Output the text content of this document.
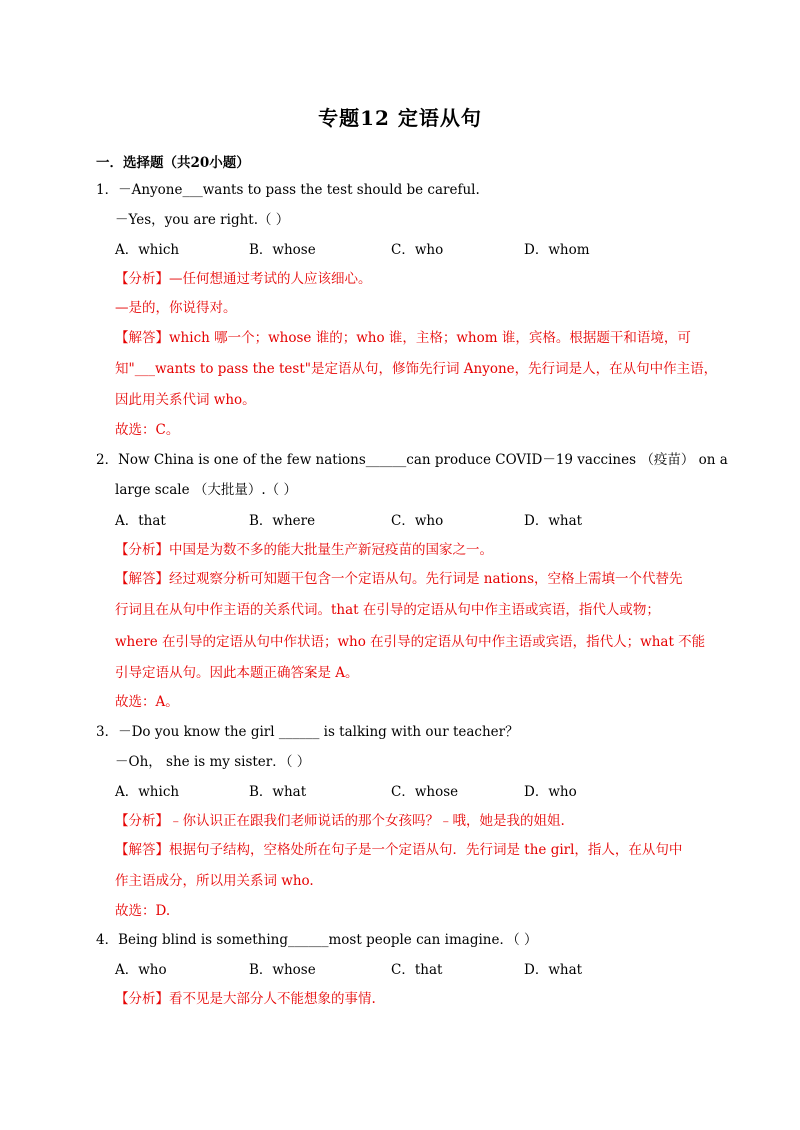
专题12 定语从句
一．选择题（共20小题）
1．－Anyone___wants to pass the test should be careful.
－Yes，you are right.（ ）
A．which	B．whose	C．who	D．whom
【分析】—任何想通过考试的人应该细心。
—是的，你说得对。
【解答】which 哪一个；whose 谁的；who 谁，主格；whom 谁，宾格。根据题干和语境，可
知"___wants to pass the test"是定语从句，修饰先行词 Anyone，先行词是人，在从句中作主语，
因此用关系代词 who。
故选：C。
2．Now China is one of the few nations______can produce COVID－19 vaccines （疫苗） on a
large scale （大批量）.（ ）
A．that	B．where	C．who	D．what
【分析】中国是为数不多的能大批量生产新冠疫苗的国家之一。
【解答】经过观察分析可知题干包含一个定语从句。先行词是 nations，空格上需填一个代替先
行词且在从句中作主语的关系代词。that 在引导的定语从句中作主语或宾语，指代人或物；
where 在引导的定语从句中作状语；who 在引导的定语从句中作主语或宾语，指代人；what 不能
引导定语从句。因此本题正确答案是 A。
故选：A。
3．－Do you know the girl ______ is talking with our teacher？
－Oh， she is my sister．（ ）
A．which	B．what	C．whose	D．who
【分析】﹣你认识正在跟我们老师说话的那个女孩吗？﹣哦，她是我的姐姐.
【解答】根据句子结构，空格处所在句子是一个定语从句．先行词是 the girl，指人，在从句中
作主语成分，所以用关系词 who.
故选：D.
4．Being blind is something______most people can imagine．（ ）
A．who	B．whose	C．that	D．what
【分析】看不见是大部分人不能想象的事情.
